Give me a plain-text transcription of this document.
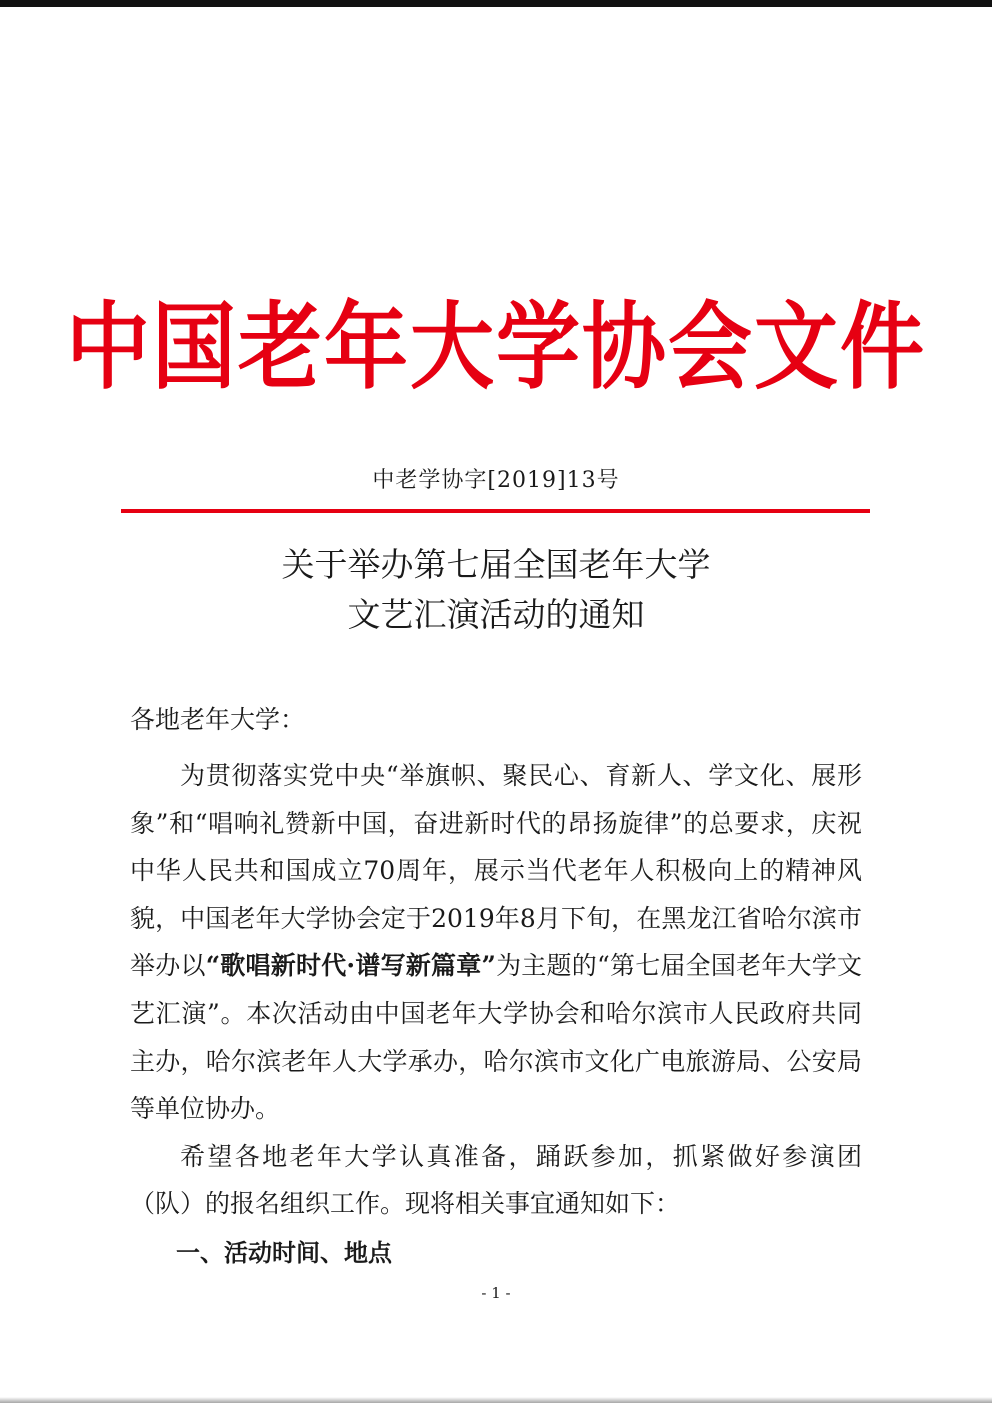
中国老年大学协会文件
中老学协字[2019]13号
关于举办第七届全国老年大学
文艺汇演活动的通知
各地老年大学：

为贯彻落实党中央“举旗帜、聚民心、育新人、学文化、展形象”和“唱响礼赞新中国，奋进新时代的昂扬旋律”的总要求，庆祝中华人民共和国成立70周年，展示当代老年人积极向上的精神风貌，中国老年大学协会定于2019年8月下旬，在黑龙江省哈尔滨市举办以“歌唱新时代·谱写新篇章”为主题的“第七届全国老年大学文艺汇演”。本次活动由中国老年大学协会和哈尔滨市人民政府共同主办，哈尔滨老年人大学承办，哈尔滨市文化广电旅游局、公安局等单位协办。

希望各地老年大学认真准备，踊跃参加，抓紧做好参演团（队）的报名组织工作。现将相关事宜通知如下：

一、活动时间、地点
- 1 -
